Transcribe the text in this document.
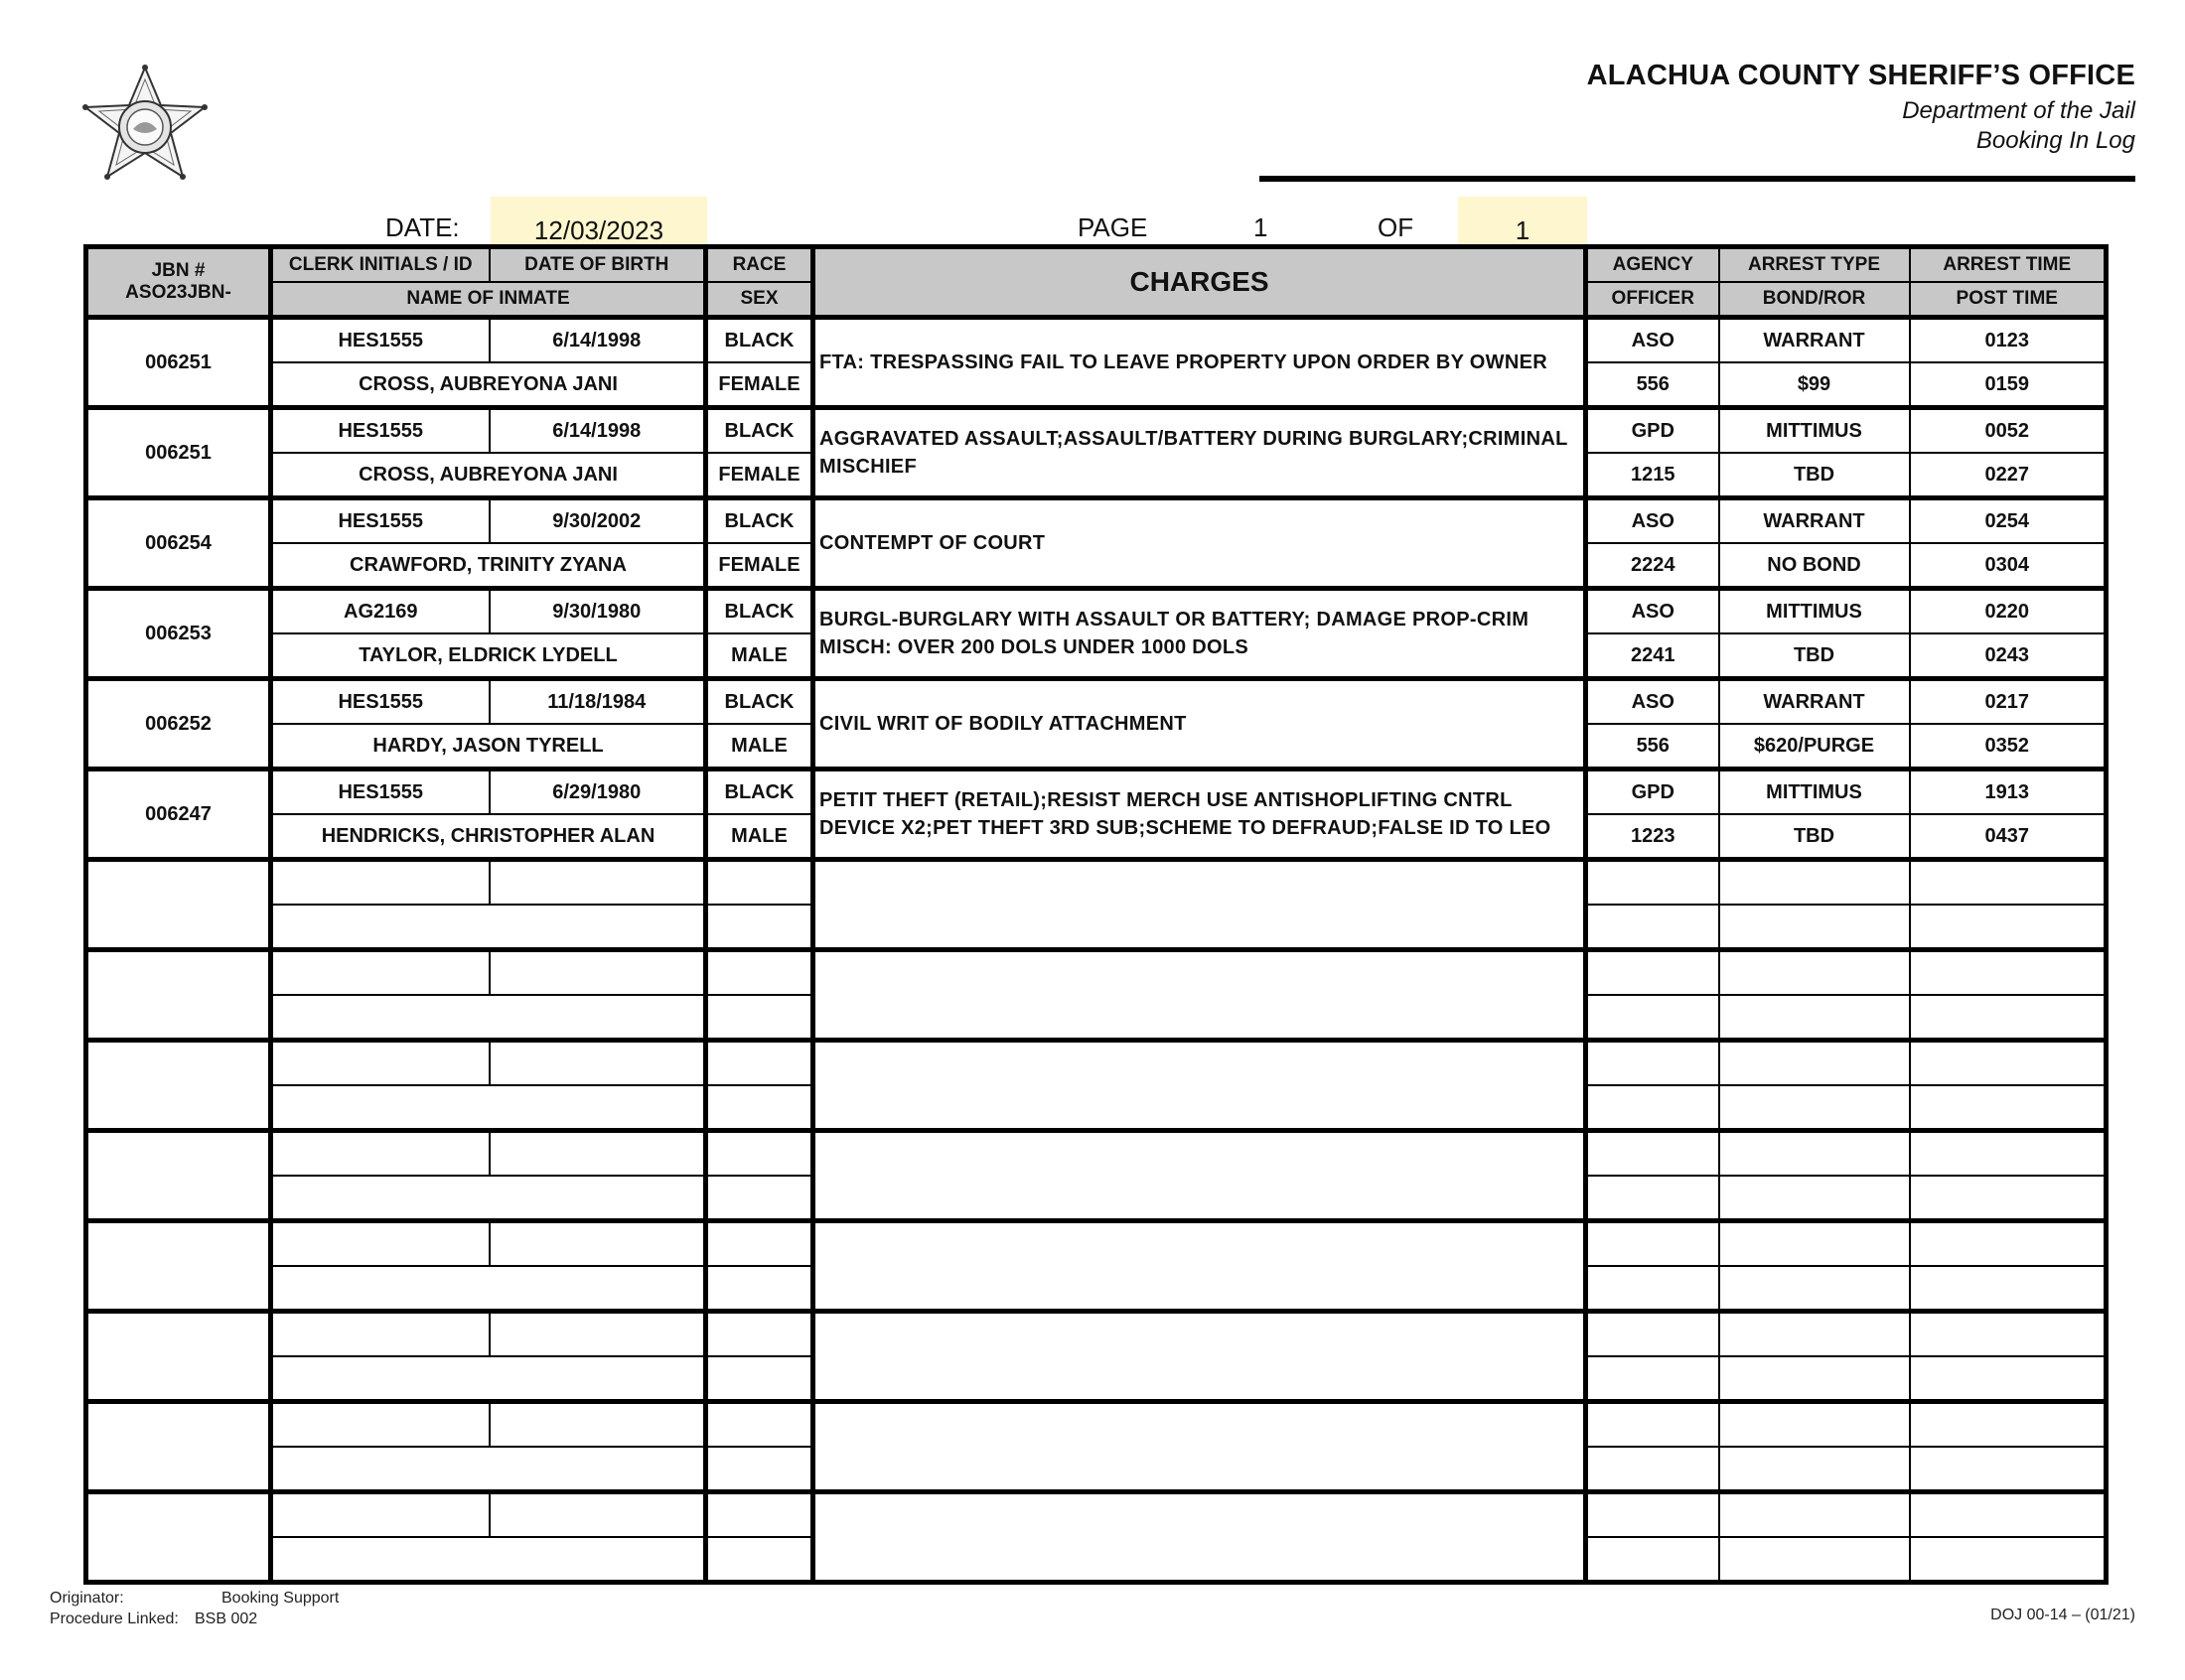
ALACHUA COUNTY SHERIFF’S OFFICE
Department of the Jail
Booking In Log
DATE:	12/03/2023	PAGE	1	OF	1
JBN #
ASO23JBN-	CLERK INITIALS / ID	DATE OF BIRTH	RACE	CHARGES	AGENCY	ARREST TYPE	ARREST TIME
	NAME OF INMATE		SEX		OFFICER	BOND/ROR	POST TIME
006251	HES1555	6/14/1998	BLACK	FTA: TRESPASSING FAIL TO LEAVE PROPERTY UPON ORDER BY OWNER	ASO	WARRANT	0123
	CROSS, AUBREYONA JANI		FEMALE		556	$99	0159
006251	HES1555	6/14/1998	BLACK	AGGRAVATED ASSAULT;ASSAULT/BATTERY DURING BURGLARY;CRIMINAL MISCHIEF	GPD	MITTIMUS	0052
	CROSS, AUBREYONA JANI		FEMALE		1215	TBD	0227
006254	HES1555	9/30/2002	BLACK	CONTEMPT OF COURT	ASO	WARRANT	0254
	CRAWFORD, TRINITY ZYANA		FEMALE		2224	NO BOND	0304
006253	AG2169	9/30/1980	BLACK	BURGL-BURGLARY WITH ASSAULT OR BATTERY; DAMAGE PROP-CRIM MISCH: OVER 200 DOLS UNDER 1000 DOLS	ASO	MITTIMUS	0220
	TAYLOR, ELDRICK LYDELL		MALE		2241	TBD	0243
006252	HES1555	11/18/1984	BLACK	CIVIL WRIT OF BODILY ATTACHMENT	ASO	WARRANT	0217
	HARDY, JASON TYRELL		MALE		556	$620/PURGE	0352
006247	HES1555	6/29/1980	BLACK	PETIT THEFT (RETAIL);RESIST MERCH USE ANTISHOPLIFTING CNTRL DEVICE X2;PET THEFT 3RD SUB;SCHEME TO DEFRAUD;FALSE ID TO LEO	GPD	MITTIMUS	1913
	HENDRICKS, CHRISTOPHER ALAN		MALE		1223	TBD	0437

Originator:	Booking Support
Procedure Linked: BSB 002	DOJ 00-14 – (01/21)
